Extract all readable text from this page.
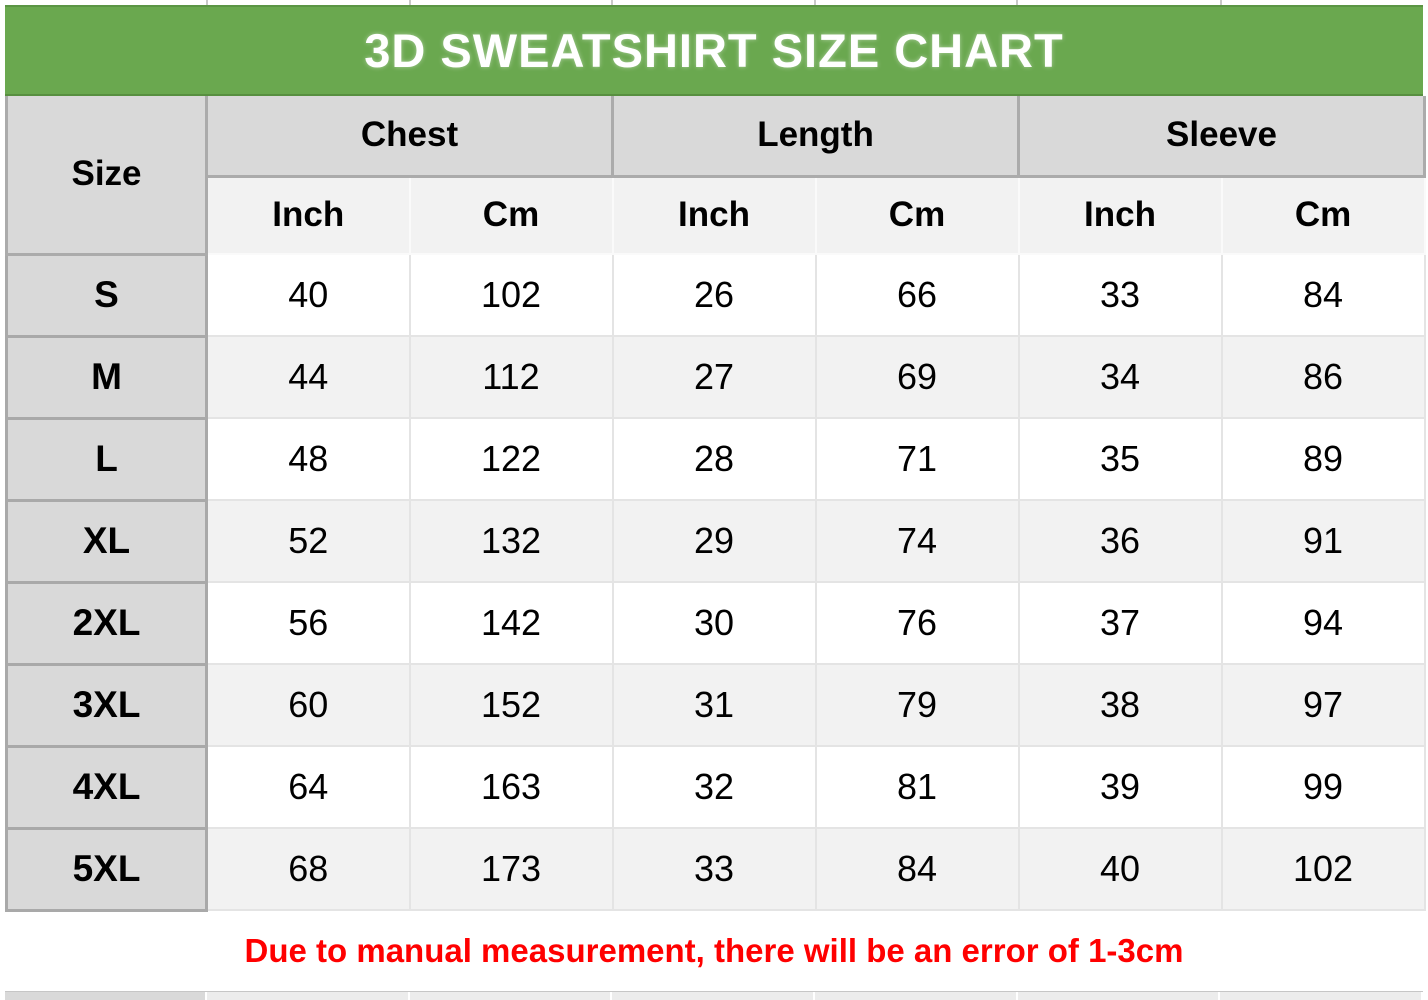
3D SWEATSHIRT SIZE CHART
Size	Chest		Length		Sleeve	
	Inch	Cm	Inch	Cm	Inch	Cm
S	40	102	26	66	33	84
M	44	112	27	69	34	86
L	48	122	28	71	35	89
XL	52	132	29	74	36	91
2XL	56	142	30	76	37	94
3XL	60	152	31	79	38	97
4XL	64	163	32	81	39	99
5XL	68	173	33	84	40	102
Due to manual measurement, there will be an error of 1-3cm
